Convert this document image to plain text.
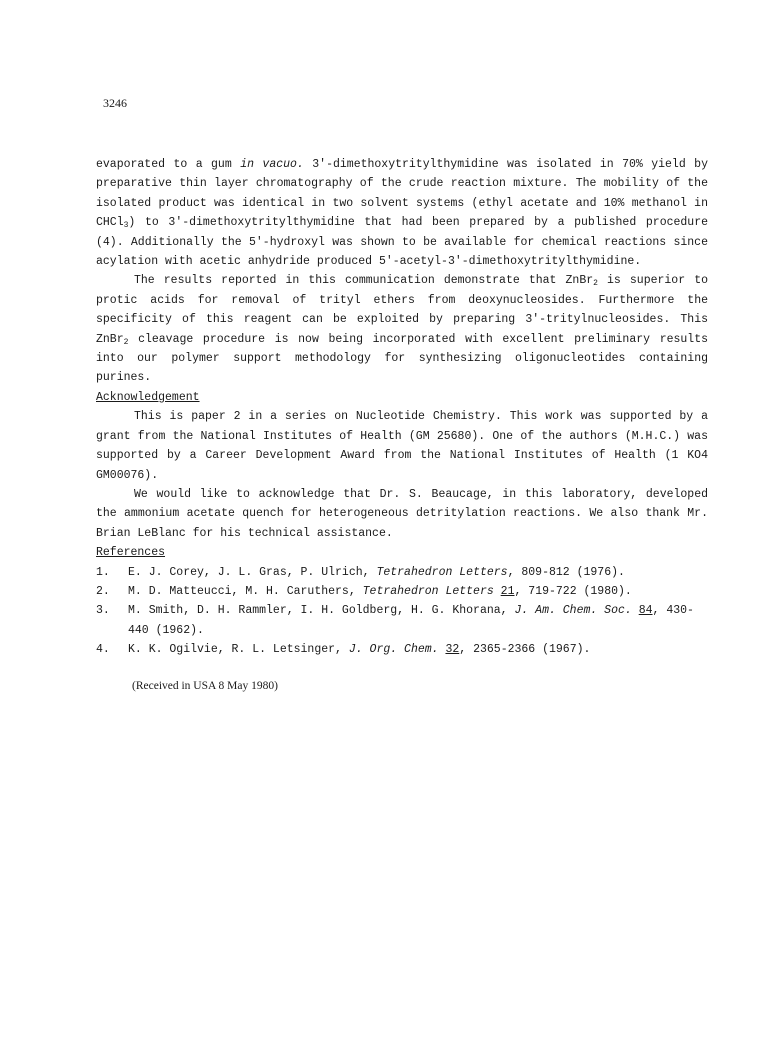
3246

evaporated to a gum in vacuo. 3'-dimethoxytritylthymidine was isolated in 70% yield by preparative thin layer chromatography of the crude reaction mixture. The mobility of the isolated product was identical in two solvent systems (ethyl acetate and 10% methanol in CHCl$_3$) to 3'-dimethoxytritylthymidine that had been prepared by a published procedure (4). Additionally the 5'-hydroxyl was shown to be available for chemical reactions since acylation with acetic anhydride produced 5'-acetyl-3'-dimethoxytritylthymidine.

The results reported in this communication demonstrate that ZnBr$_2$ is superior to protic acids for removal of trityl ethers from deoxynucleosides. Furthermore the specificity of this reagent can be exploited by preparing 3'-tritylnucleosides. This ZnBr$_2$ cleavage procedure is now being incorporated with excellent preliminary results into our polymer support methodology for synthesizing oligonucleotides containing purines.

Acknowledgement

This is paper 2 in a series on Nucleotide Chemistry. This work was supported by a grant from the National Institutes of Health (GM 25680). One of the authors (M.H.C.) was supported by a Career Development Award from the National Institutes of Health (1 KO4 GM00076).

We would like to acknowledge that Dr. S. Beaucage, in this laboratory, developed the ammonium acetate quench for heterogeneous detritylation reactions. We also thank Mr. Brian LeBlanc for his technical assistance.

References
1.	E. J. Corey, J. L. Gras, P. Ulrich, Tetrahedron Letters, 809-812 (1976).
2.	M. D. Matteucci, M. H. Caruthers, Tetrahedron Letters 21, 719-722 (1980).
3.	M. Smith, D. H. Rammler, I. H. Goldberg, H. G. Khorana, J. Am. Chem. Soc. 84, 430-440 (1962).
4.	K. K. Ogilvie, R. L. Letsinger, J. Org. Chem. 32, 2365-2366 (1967).
(Received in USA 8 May 1980)
